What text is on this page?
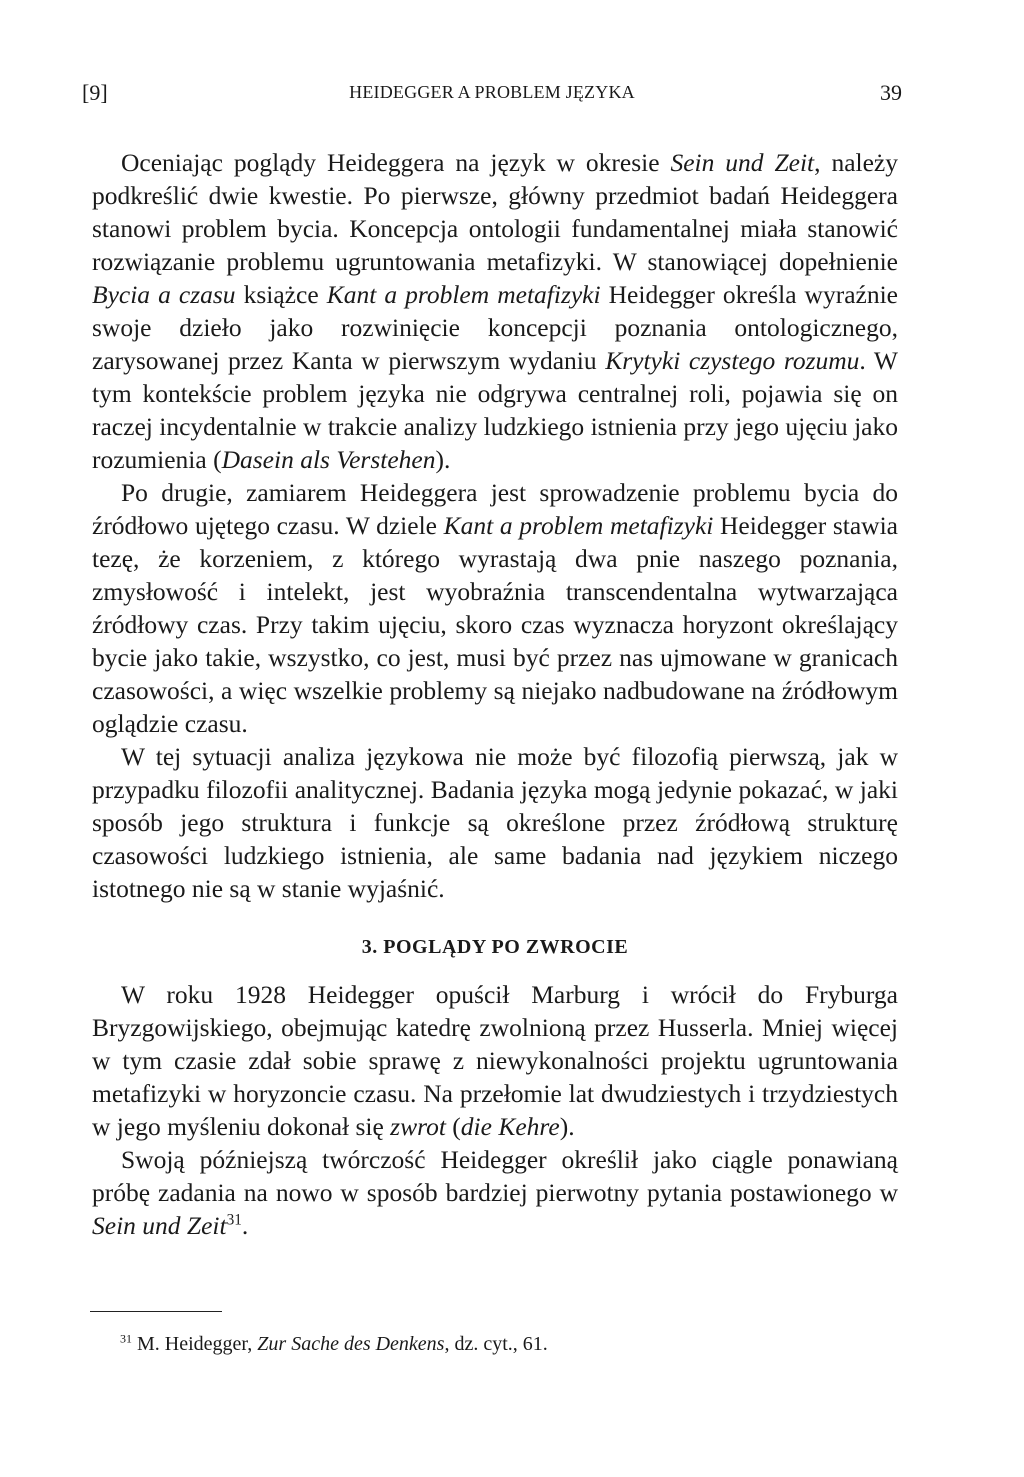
[9]	HEIDEGGER A PROBLEM JĘZYKA	39

Oceniając poglądy Heideggera na język w okresie Sein und Zeit, należy podkreślić dwie kwestie. Po pierwsze, główny przedmiot badań Heideggera stanowi problem bycia. Koncepcja ontologii fundamentalnej miała stanowić rozwiązanie problemu ugruntowania metafizyki. W stanowiącej dopełnienie Bycia a czasu książce Kant a problem metafizyki Heidegger określa wyraźnie swoje dzieło jako rozwinięcie koncepcji poznania ontologicznego, zarysowanej przez Kanta w pierwszym wydaniu Krytyki czystego rozumu. W tym kontekście problem języka nie odgrywa centralnej roli, pojawia się on raczej incydentalnie w trakcie analizy ludzkiego istnienia przy jego ujęciu jako rozumienia (Dasein als Verstehen).

Po drugie, zamiarem Heideggera jest sprowadzenie problemu bycia do źródłowo ujętego czasu. W dziele Kant a problem metafizyki Heidegger stawia tezę, że korzeniem, z którego wyrastają dwa pnie naszego poznania, zmysłowość i intelekt, jest wyobraźnia transcendentalna wytwarzająca źródłowy czas. Przy takim ujęciu, skoro czas wyznacza horyzont określający bycie jako takie, wszystko, co jest, musi być przez nas ujmowane w granicach czasowości, a więc wszelkie problemy są niejako nadbudowane na źródłowym oglądzie czasu.

W tej sytuacji analiza językowa nie może być filozofią pierwszą, jak w przypadku filozofii analitycznej. Badania języka mogą jedynie pokazać, w jaki sposób jego struktura i funkcje są określone przez źródłową strukturę czasowości ludzkiego istnienia, ale same badania nad językiem niczego istotnego nie są w stanie wyjaśnić.

3. POGLĄDY PO ZWROCIE

W roku 1928 Heidegger opuścił Marburg i wrócił do Fryburga Bryzgowijskiego, obejmując katedrę zwolnioną przez Husserla. Mniej więcej w tym czasie zdał sobie sprawę z niewykonalności projektu ugruntowania metafizyki w horyzoncie czasu. Na przełomie lat dwudziestych i trzydziestych w jego myśleniu dokonał się zwrot (die Kehre).

Swoją późniejszą twórczość Heidegger określił jako ciągle ponawianą próbę zadania na nowo w sposób bardziej pierwotny pytania postawionego w Sein und Zeit$^{31}$.

$^{31}$ M. Heidegger, Zur Sache des Denkens, dz. cyt., 61.
